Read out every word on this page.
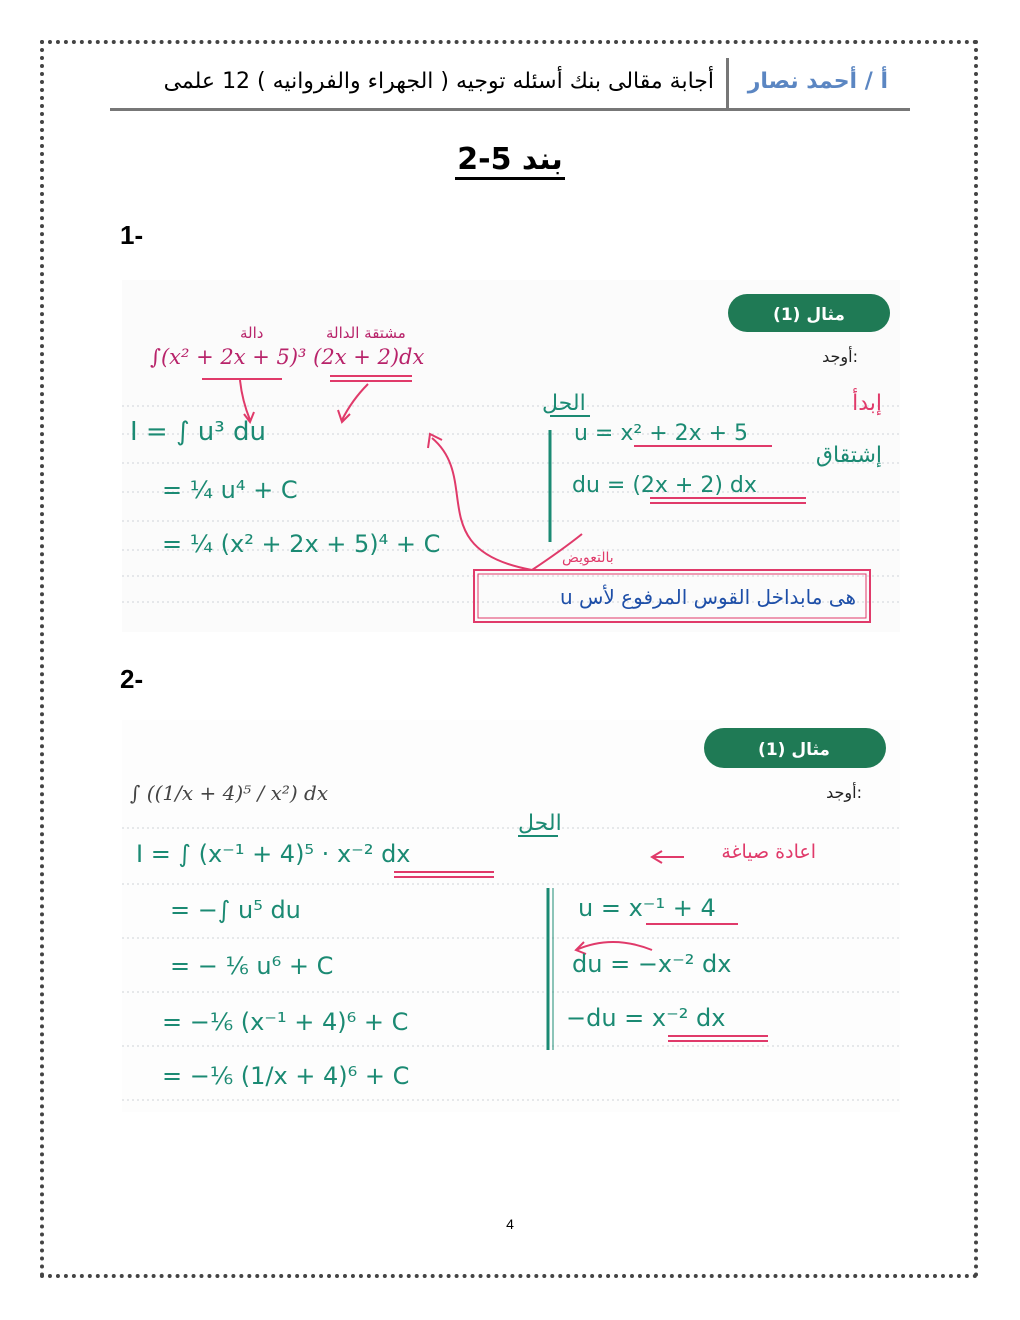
أ / أحمد نصار
أجابة مقالى بنك أسئله توجيه ( الجهراء والفروانيه ) 12 علمى
بند 5-2
1-
مثال (1)
أوجد:
∫(x² + 2x + 5)³ (2x + 2)dx
دالة	مشتقة الدالة
I = ∫ u³ du
= ¼ u⁴ + C
= ¼ (x² + 2x + 5)⁴ + C
الحل	إبدأ
إشتقاق
u = x² + 2x + 5
du = (2x + 2) dx
بالتعويض
u هى مابداخل القوس المرفوع لأس
2-
مثال (1)
أوجد:
∫ ((1/x + 4)⁵ / x²) dx
الحل
اعادة صياغة
I = ∫ (x⁻¹ + 4)⁵ · x⁻² dx
= −∫ u⁵ du
= − ⅙ u⁶ + C
= −⅙ (x⁻¹ + 4)⁶ + C
= −⅙ (1/x + 4)⁶ + C
u = x⁻¹ + 4
du = −x⁻² dx
−du = x⁻² dx
4
